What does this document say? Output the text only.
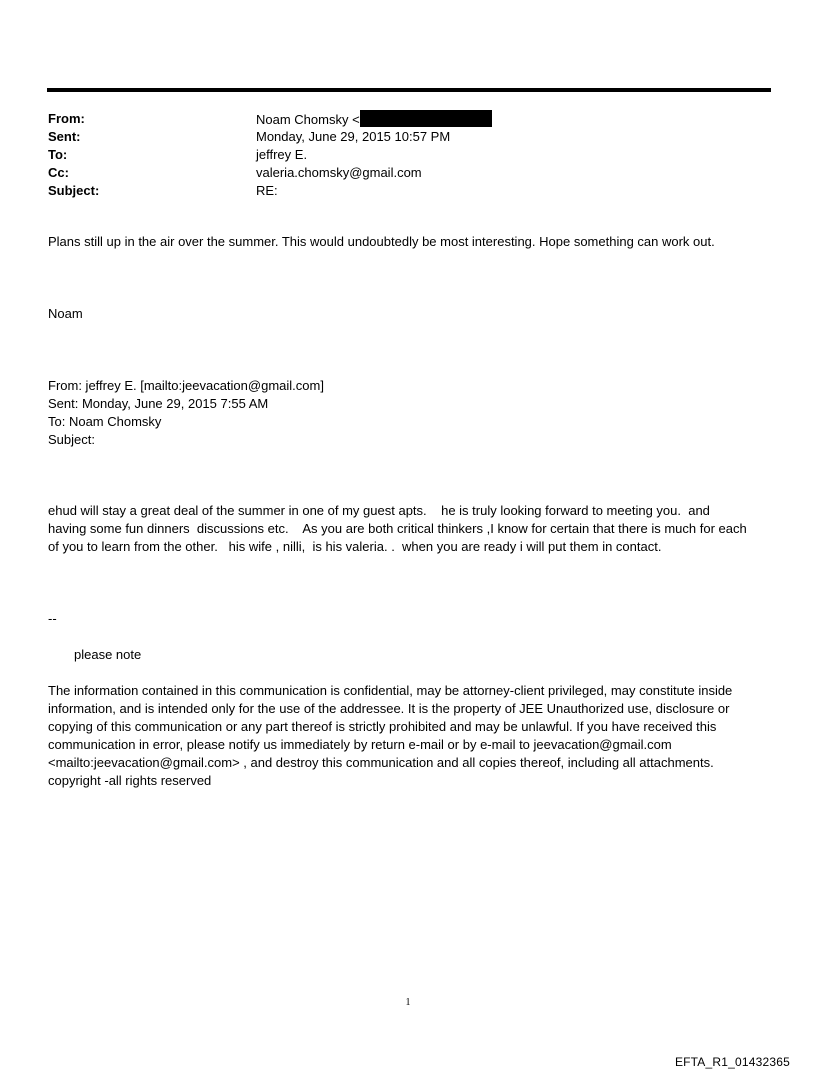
From:	Noam Chomsky <
Sent:	Monday, June 29, 2015 10:57 PM
To:	jeffrey E.
Cc:	valeria.chomsky@gmail.com
Subject:	RE:

Plans still up in the air over the summer. This would undoubtedly be most interesting. Hope something can work out.

Noam

From: jeffrey E. [mailto:jeevacation@gmail.com]
Sent: Monday, June 29, 2015 7:55 AM
To: Noam Chomsky
Subject:

ehud will stay a great deal of the summer in one of my guest apts.    he is truly looking forward to meeting you.  and having some fun dinners  discussions etc.    As you are both critical thinkers ,I know for certain that there is much for each of you to learn from the other.   his wife , nilli,  is his valeria. .  when you are ready i will put them in contact.

--

please note

The information contained in this communication is confidential, may be attorney-client privileged, may constitute inside information, and is intended only for the use of the addressee. It is the property of JEE Unauthorized use, disclosure or copying of this communication or any part thereof is strictly prohibited and may be unlawful. If you have received this communication in error, please notify us immediately by return e-mail or by e-mail to jeevacation@gmail.com <mailto:jeevacation@gmail.com> , and destroy this communication and all copies thereof, including all attachments. copyright -all rights reserved

1
EFTA_R1_01432365
